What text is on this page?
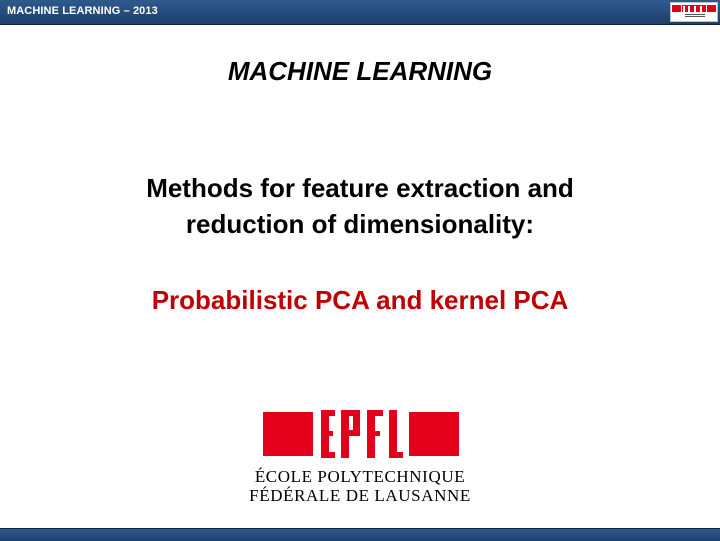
MACHINE LEARNING – 2013
MACHINE LEARNING
Methods for feature extraction and
reduction of dimensionality:
Probabilistic PCA and kernel PCA
ÉCOLE POLYTECHNIQUE
FÉDÉRALE DE LAUSANNE
